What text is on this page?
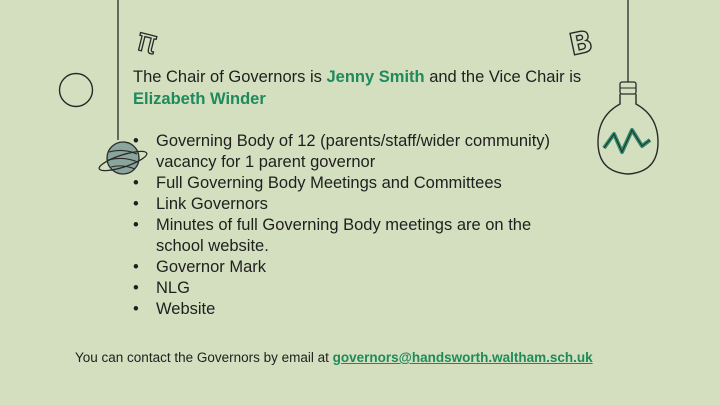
π	B

The Chair of Governors is Jenny Smith and the Vice Chair is Elizabeth Winder

• Governing Body of 12 (parents/staff/wider community) vacancy for 1 parent governor
• Full Governing Body Meetings and Committees
• Link Governors
• Minutes of full Governing Body meetings are on the school website.
• Governor Mark
• NLG
• Website

You can contact the Governors by email at governors@handsworth.waltham.sch.uk
